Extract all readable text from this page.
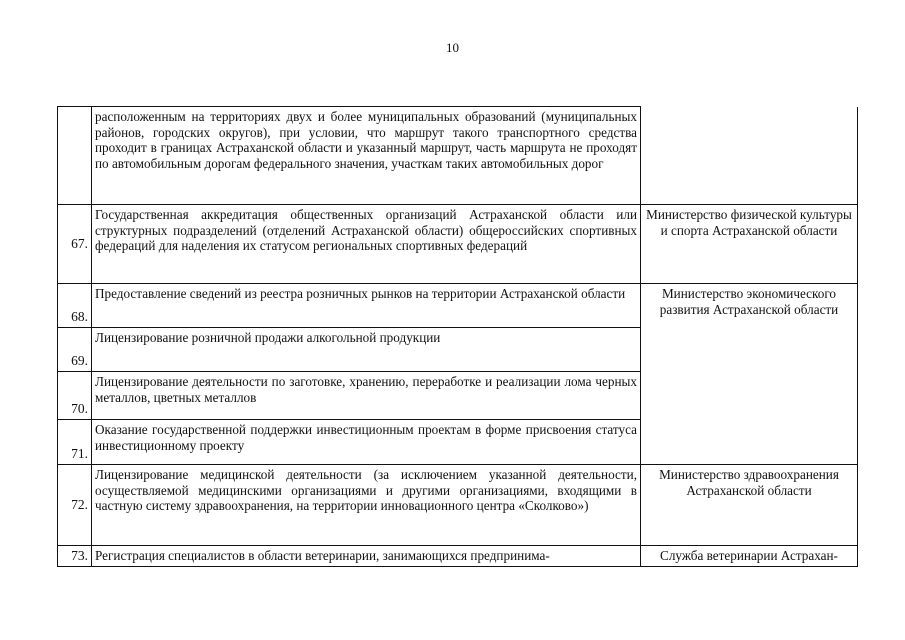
10
	расположенным на территориях двух и более муниципальных образований (муниципальных районов, городских округов), при условии, что маршрут такого транспортного средства проходит в границах Астраханской области и указанный маршрут, часть маршрута не проходят по автомобильным дорогам федерального значения, участкам таких автомобильных дорог	
67.	Государственная аккредитация общественных организаций Астраханской области или структурных подразделений (отделений Астраханской области) общероссийских спортивных федераций для наделения их статусом региональных спортивных федераций	Министерство физической культуры и спорта Астраханской области
68.	Предоставление сведений из реестра розничных рынков на территории Астраханской области	Министерство экономического развития Астраханской области
69.	Лицензирование розничной продажи алкогольной продукции	
70.	Лицензирование деятельности по заготовке, хранению, переработке и реализации лома черных металлов, цветных металлов	
71.	Оказание государственной поддержки инвестиционным проектам в форме присвоения статуса инвестиционному проекту	
72.	Лицензирование медицинской деятельности (за исключением указанной деятельности, осуществляемой медицинскими организациями и другими организациями, входящими в частную систему здравоохранения, на территории инновационного центра «Сколково»)	Министерство здравоохранения Астраханской области
73.	Регистрация специалистов в области ветеринарии, занимающихся предпринима-	Служба ветеринарии Астрахан-
